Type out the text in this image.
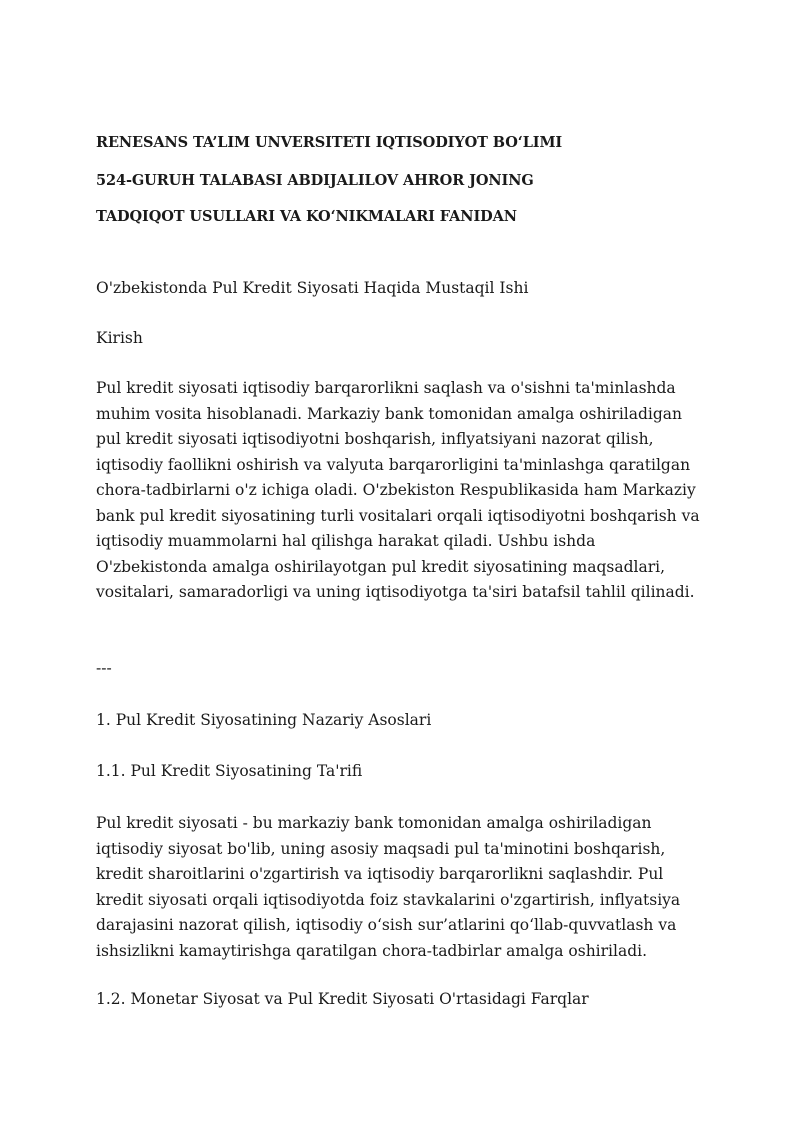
RENESANS TA’LIM UNVERSITETI IQTISODIYOT BOʻLIMI
524-GURUH TALABASI ABDIJALILOV AHROR JONING
TADQIQOT USULLARI VA KOʻNIKMALARI FANIDAN
O'zbekistonda Pul Kredit Siyosati Haqida Mustaqil Ishi
Kirish
Pul kredit siyosati iqtisodiy barqarorlikni saqlash va o'sishni ta'minlashda muhim vosita hisoblanadi. Markaziy bank tomonidan amalga oshiriladigan pul kredit siyosati iqtisodiyotni boshqarish, inflyatsiyani nazorat qilish, iqtisodiy faollikni oshirish va valyuta barqarorligini ta'minlashga qaratilgan chora-tadbirlarni o'z ichiga oladi. O'zbekiston Respublikasida ham Markaziy bank pul kredit siyosatining turli vositalari orqali iqtisodiyotni boshqarish va iqtisodiy muammolarni hal qilishga harakat qiladi. Ushbu ishda O'zbekistonda amalga oshirilayotgan pul kredit siyosatining maqsadlari, vositalari, samaradorligi va uning iqtisodiyotga ta'siri batafsil tahlil qilinadi.
---
1. Pul Kredit Siyosatining Nazariy Asoslari
1.1. Pul Kredit Siyosatining Ta'rifi
Pul kredit siyosati - bu markaziy bank tomonidan amalga oshiriladigan iqtisodiy siyosat bo'lib, uning asosiy maqsadi pul ta'minotini boshqarish, kredit sharoitlarini o'zgartirish va iqtisodiy barqarorlikni saqlashdir. Pul kredit siyosati orqali iqtisodiyotda foiz stavkalarini o'zgartirish, inflyatsiya darajasini nazorat qilish, iqtisodiy oʻsish sur’atlarini qoʻllab-quvvatlash va ishsizlikni kamaytirishga qaratilgan chora-tadbirlar amalga oshiriladi.
1.2. Monetar Siyosat va Pul Kredit Siyosati O'rtasidagi Farqlar
